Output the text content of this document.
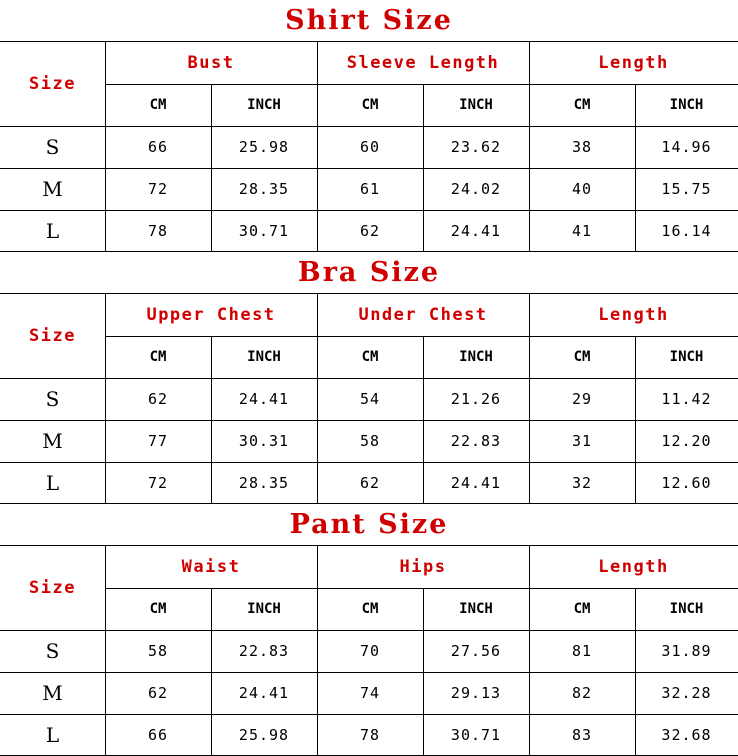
Shirt Size
Size
Bust	Sleeve Length	Length
CM	INCH	CM	INCH	CM	INCH
S	66	25.98	60	23.62	38	14.96
M	72	28.35	61	24.02	40	15.75
L	78	30.71	62	24.41	41	16.14
Bra Size
Size
Upper Chest	Under Chest	Length
CM	INCH	CM	INCH	CM	INCH
S	62	24.41	54	21.26	29	11.42
M	77	30.31	58	22.83	31	12.20
L	72	28.35	62	24.41	32	12.60
Pant Size
Size
Waist	Hips	Length
CM	INCH	CM	INCH	CM	INCH
S	58	22.83	70	27.56	81	31.89
M	62	24.41	74	29.13	82	32.28
L	66	25.98	78	30.71	83	32.68
